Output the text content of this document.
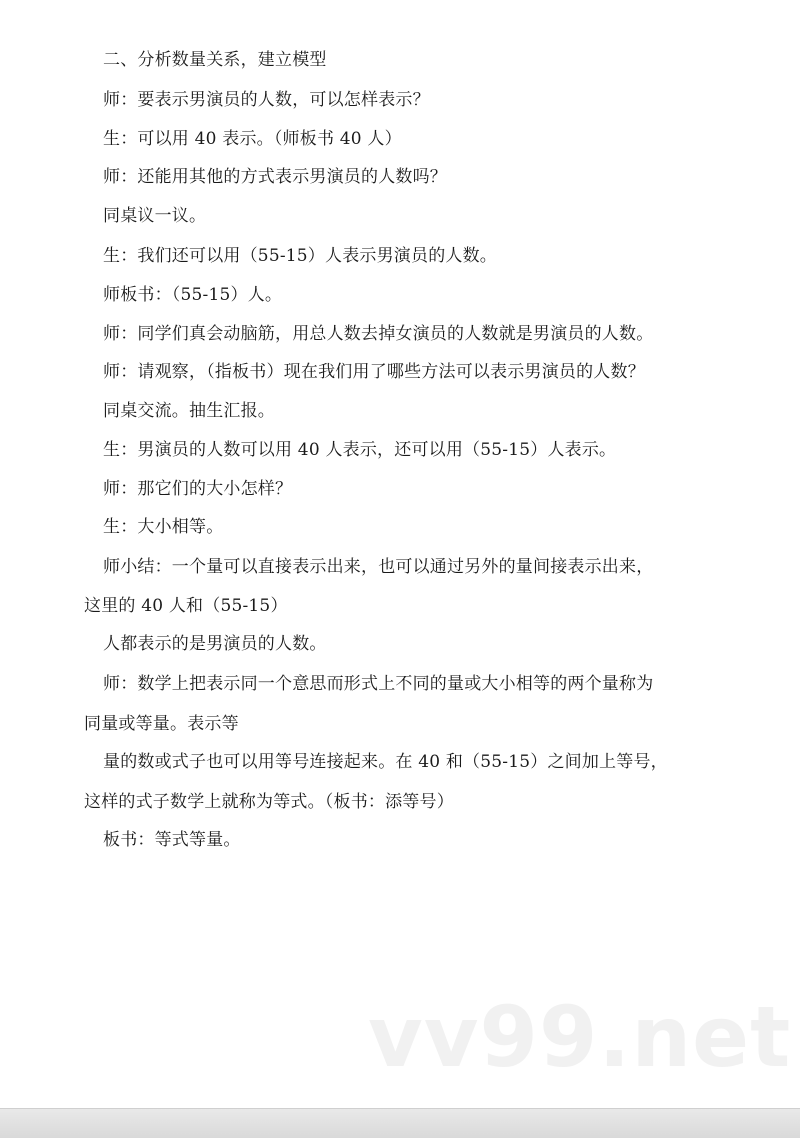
二、分析数量关系，建立模型
师：要表示男演员的人数，可以怎样表示？
生：可以用 40 表示。（师板书 40 人）
师：还能用其他的方式表示男演员的人数吗？
同桌议一议。
生：我们还可以用（55-15）人表示男演员的人数。
师板书：（55-15）人。
师：同学们真会动脑筋，用总人数去掉女演员的人数就是男演员的人数。
师：请观察，（指板书）现在我们用了哪些方法可以表示男演员的人数？
同桌交流。抽生汇报。
生：男演员的人数可以用 40 人表示，还可以用（55-15）人表示。
师：那它们的大小怎样？
生：大小相等。
师小结：一个量可以直接表示出来，也可以通过另外的量间接表示出来，
这里的 40 人和（55-15）
人都表示的是男演员的人数。
师：数学上把表示同一个意思而形式上不同的量或大小相等的两个量称为
同量或等量。表示等
量的数或式子也可以用等号连接起来。在 40 和（55-15）之间加上等号，
这样的式子数学上就称为等式。（板书：添等号）
板书：等式等量。
vv99.net
